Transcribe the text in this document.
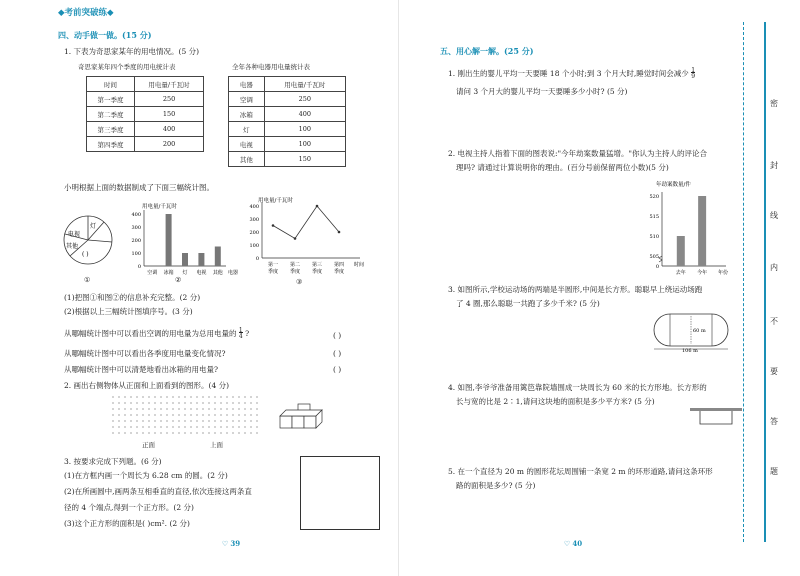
◆考前突破练◆
四、动手做一做。(15 分)
1. 下表为奇思家某年的用电情况。(5 分)
奇思家某年四个季度的用电统计表
时间	用电量/千瓦时
第一季度	250
第二季度	150
第三季度	400
第四季度	200
全年各种电器用电量统计表
电器	用电量/千瓦时
空调	250
冰箱	400
灯	100
电视	100
其他	150
小明根据上面的数据制成了下面三幅统计图。
电视
灯
其他
( )
①
用电量/千瓦时
400
300
200
100
0
空调 冰箱 灯 电视 其他 电器
②
用电量/千瓦时
400
300
200
100
0
第一
季度
第二
季度
第三
季度
第四
季度
时间
③
(1)把图①和图②的信息补充完整。(2 分)
(2)根据以上三幅统计图填序号。(3 分)
从哪幅统计图中可以看出空调的用电量为总用电量的 1
4 ?	( )
从哪幅统计图中可以看出各季度用电量变化情况?	( )
从哪幅统计图中可以清楚地看出冰箱的用电量?	( )
2. 画出右侧物体从正面和上面看到的图形。(4 分)
正面	上面
3. 按要求完成下列题。(6 分)
(1)在方框内画一个周长为 6.28 cm 的圆。(2 分)
(2)在所画圆中,画两条互相垂直的直径,依次连接这两条直
径的 4 个端点,得到一个正方形。(2 分)
(3)这个正方形的面积是( )cm². (2 分)
♡ 39
五、用心解一解。(25 分)
1. 刚出生的婴儿平均一天要睡 18 个小时;到 3 个月大时,睡觉时间会减少 1
9
请问 3 个月大的婴儿平均一天要睡多少小时? (5 分)
2. 电视主持人指着下面的图表说:"今年劫案数量猛增。"你认为主持人的评论合
理吗? 请通过计算说明你的理由。(百分号前保留两位小数)(5 分)
年劫案数量/件
520
515
510
505
0
去年 今年 年份
3. 如图所示,学校运动场的两端是半圆形,中间是长方形。聪聪早上绕运动场跑
了 4 圈,那么聪聪一共跑了多少千米? (5 分)
60 m
106 m
4. 如图,李爷爷准备用篱笆靠院墙围成一块周长为 60 米的长方形地。长方形的
长与宽的比是 2∶1,请问这块地的面积是多少平方米? (5 分)
5. 在一个直径为 20 m 的圆形花坛周围铺一条宽 2 m 的环形道路,请问这条环形
路的面积是多少? (5 分)
♡ 40
密
封
线
内
不
要
答
题
